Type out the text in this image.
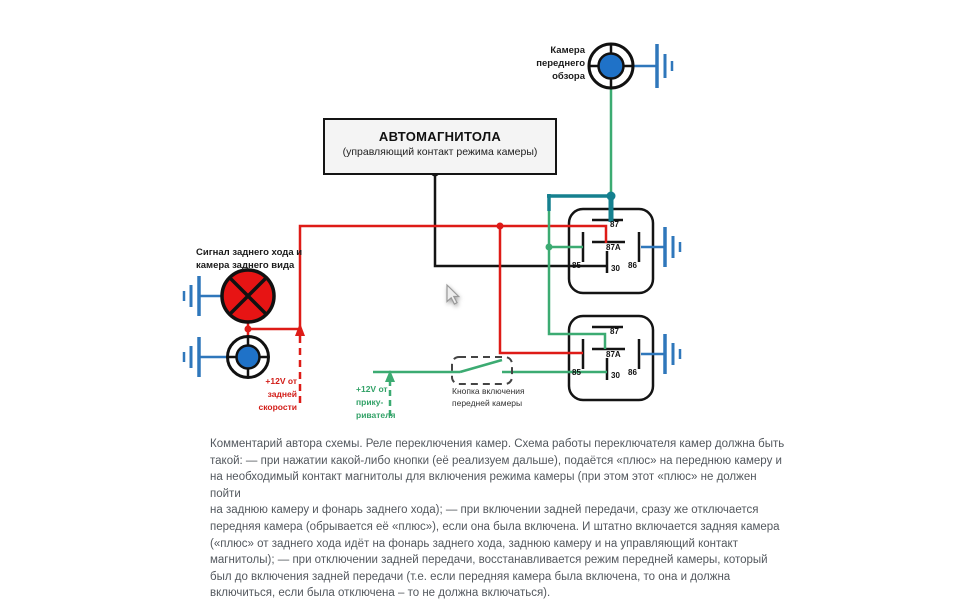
АВТОМАГНИТОЛА
(управляющий контакт режима камеры)
Камера
переднего
обзора
Сигнал заднего хода и
камера заднего вида
+12V от
задней
скорости
+12V от
прику-
ривателя
Кнопка включения
передней камеры
87
87A
85	86
30
87
87A
85	86
30
Комментарий автора схемы. Реле переключения камер. Схема работы переключателя камер должна быть
такой: — при нажатии какой-либо кнопки (её реализуем дальше), подаётся «плюс» на переднюю камеру и
на необходимый контакт магнитолы для включения режима камеры (при этом этот «плюс» не должен пойти
на заднюю камеру и фонарь заднего хода); — при включении задней передачи, сразу же отключается
передняя камера (обрывается её «плюс»), если она была включена. И штатно включается задняя камера
(«плюс» от заднего хода идёт на фонарь заднего хода, заднюю камеру и на управляющий контакт
магнитолы); — при отключении задней передачи, восстанавливается режим передней камеры, который
был до включения задней передачи (т.е. если передняя камера была включена, то она и должна
включиться, если была отключена – то не должна включаться).
